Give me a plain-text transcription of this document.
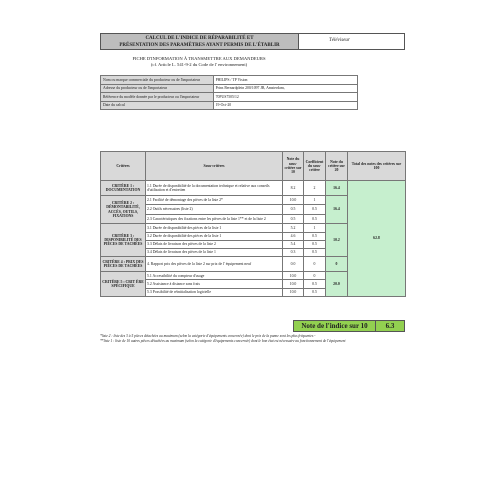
CALCUL DE L'INDICE DE RÉPARABILITÉ ET
PRÉSENTATION DES PARAMÈTRES AYANT PERMIS DE L'ÉTABLIR
Téléviseur
FICHE D'INFORMATION À TRANSMETTRE AUX DEMANDEURS
(cf. Article L. 541-9-2 du Code de l' environnement)
Nom ou marque commerciale du producteur ou de l'importateur	PHILIPS / TP Vision
Adresse du producteur ou de l'importateur	Prins Bernardplein 200/1097 JB, Amsterdam,
Référence du modèle donnée par le producteur ou l'importateur	70PUS7505/12
Date du calcul	19-Oct-20
Critères	Sous-critères	Note du sous-critère sur 10	Coefficient du sous-critère	Note du critère sur 20	Total des notes des critères sur 100
CRITÈRE 1 : DOCUMENTATION	1.1 Durée de disponibilité de la documentation technique et relative aux conseils d'utilisation et d'entretien	8.2	2	16.4	62.8
CRITÈRE 2 : DÉMONTABILITÉ, ACCÈS, OUTILS, FIXATIONS	2.1 Facilité de démontage des pièces de la liste 2*	10.0	1	16.4	
	2.2 Outils nécessaires (liste 2)	0.5	0.5		
	2.3 Caractéristiques des fixations entre les pièces de la liste 1** et de la liste 2	0.5	0.5		
CRITÈRE 3 : DISPONIBILITÉ DES PIÈCES DE TACHÉES	3.1 Durée de disponibilité des pièces de la liste 1	5.2	1	10.2	
	3.2 Durée de disponibilité des pièces de la liste 1	4.6	0.5		
	3.3 Délais de livraison des pièces de la liste 2	5.4	0.5		
	3.4 Délais de livraison des pièces de la liste 1	0.3	0.5		
CRITÈRE 4 : PRIX DES PIÈCES DE TACHÉES	4. Rapport prix des pièces de la liste 2 sur prix de l' équipement neuf	0.0	0	0	
CRITÈRE 5 : CRIT ÈRE SPÉCIFIQUE	5.1 Accessibilité du compteur d'usage	10.0	0	20.0	
	5.2 Assistance à distance sans frais	10.0	0.5		
	5.3 Possibilité de réinitialisation logicielle	10.0	0.5		
Note de l'indice sur 10	6.3
*liste 2 : liste des 3 à 5 pièces détachées au maximum (selon la catégorie d'équipements concernée) dont le prix de la panne sont les plus fréquentes -
**liste 1 : liste de 10 autres pièces détachées au maximum (selon la catégorie d'équipements concernée) dont le bon état est nécessaire au fonctionnement de l'équipement
